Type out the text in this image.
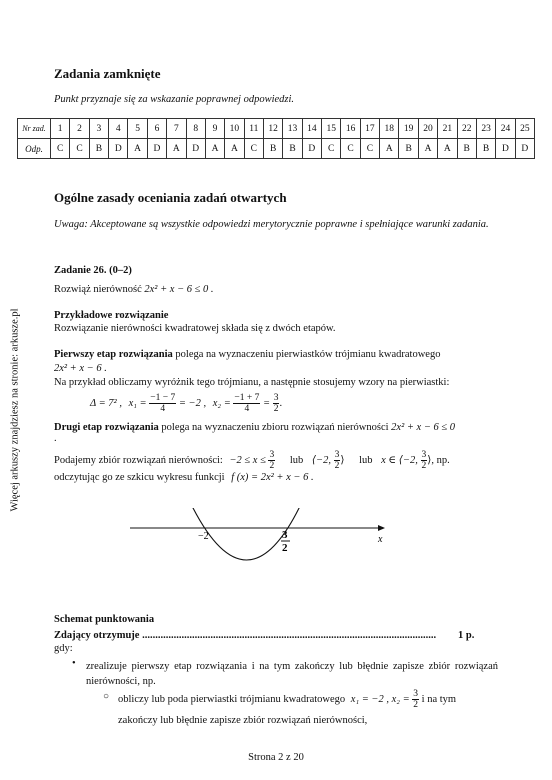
Więcej arkuszy znajdziesz na stronie: arkusze.pl
Zadania zamknięte
Punkt przyznaje się za wskazanie poprawnej odpowiedzi.
Nr zad.	1	2	3	4	5	6	7	8	9	10	11	12	13	14	15	16	17	18	19	20	21	22	23	24	25
Odp.	C	C	B	D	A	D	A	D	A	A	C	B	B	D	C	C	C	A	B	A	A	B	B	D	D
Ogólne zasady oceniania zadań otwartych
Uwaga: Akceptowane są wszystkie odpowiedzi merytorycznie poprawne i spełniające warunki zadania.
Zadanie 26. (0–2)
Rozwiąż nierówność 2x² + x − 6 ≤ 0 .
Przykładowe rozwiązanie
Rozwiązanie nierówności kwadratowej składa się z dwóch etapów.
Pierwszy etap rozwiązania polega na wyznaczeniu pierwiastków trójmianu kwadratowego
2x² + x − 6 .
Na przykład obliczamy wyróżnik tego trójmianu, a następnie stosujemy wzory na pierwiastki:
Δ = 7² , $x_1 = \frac{-1 - 7}{4} = -2$ , $x_2 = \frac{-1 + 7}{4} = \frac{3}{2}$ .
Drugi etap rozwiązania polega na wyznaczeniu zbioru rozwiązań nierówności 2x² + x − 6 ≤ 0
.
Podajemy zbiór rozwiązań nierówności: $-2 \le x \le \frac{3}{2}$ lub ⟨−2, $\frac{3}{2}$ ⟩ lub x ∈ ⟨−2, $\frac{3}{2}$ ⟩, np.
odczytując go ze szkicu wykresu funkcji f (x) = 2x² + x − 6 .
−2	3
2
x
Schemat punktowania
Zdający otrzymuje ................................................................................................................	1 p.
gdy:
• zrealizuje pierwszy etap rozwiązania i na tym zakończy lub błędnie zapisze zbiór rozwiązań nierówności, np.
○ obliczy lub poda pierwiastki trójmianu kwadratowego x₁ = −2 , $x_2 = \frac{3}{2}$ i na tym
zakończy lub błędnie zapisze zbiór rozwiązań nierówności,
Strona 2 z 20
